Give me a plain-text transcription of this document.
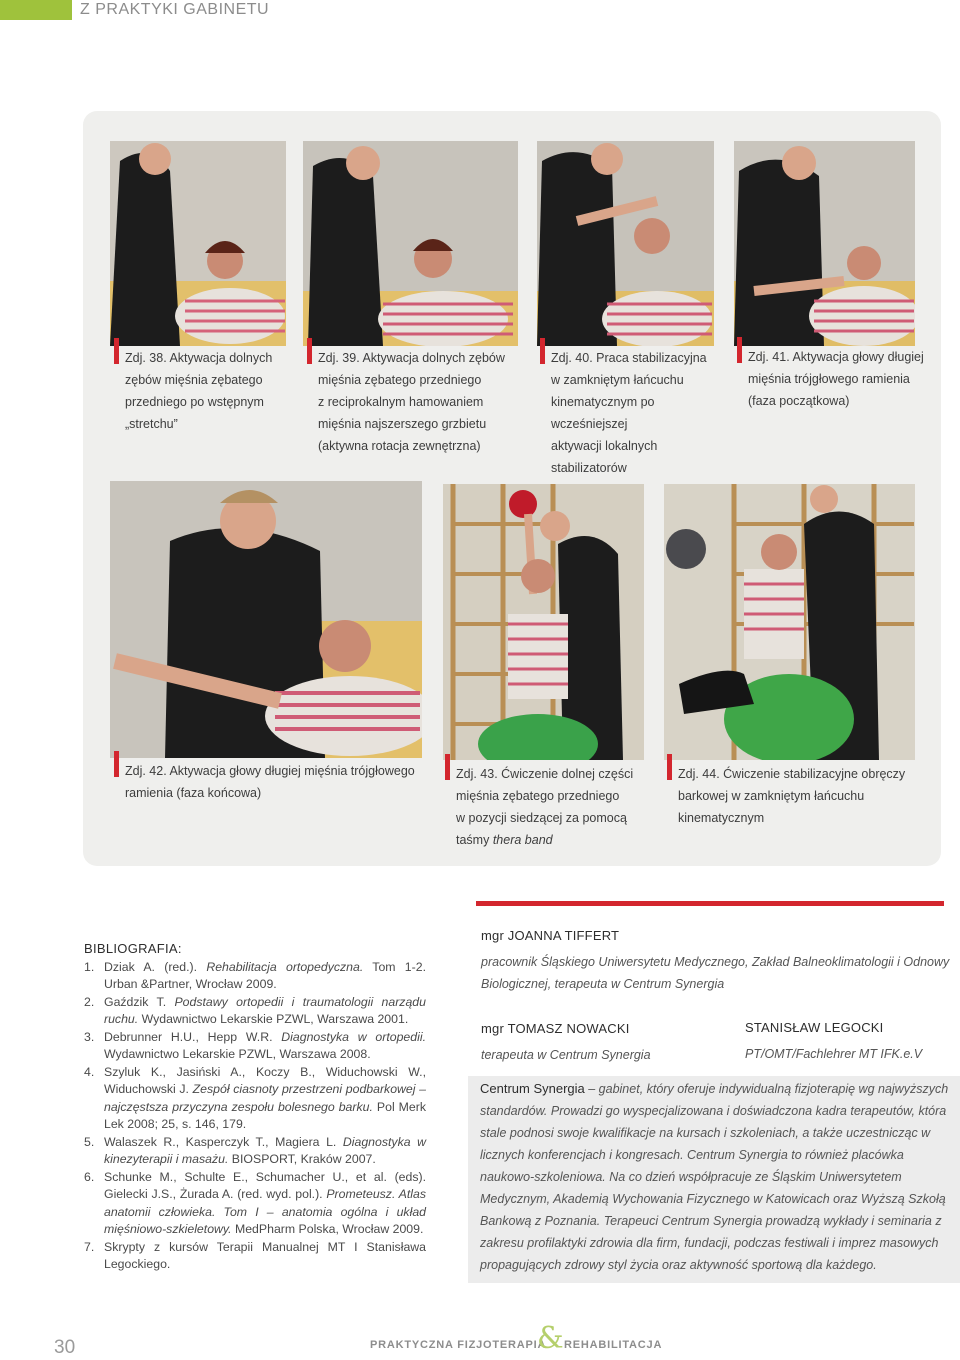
Z PRAKTYKI GABINETU
Zdj. 38. Aktywacja dolnych
zębów mięśnia zębatego
przedniego po wstępnym
„stretchu”
Zdj. 39. Aktywacja dolnych zębów
mięśnia zębatego przedniego
z reciprokalnym hamowaniem
mięśnia najszerszego grzbietu
(aktywna rotacja zewnętrzna)
Zdj. 40. Praca stabilizacyjna
w zamkniętym łańcuchu
kinematycznym po wcześniejszej
aktywacji lokalnych stabilizatorów
Zdj. 41. Aktywacja głowy długiej
mięśnia trójgłowego ramienia
(faza początkowa)
Zdj. 42. Aktywacja głowy długiej mięśnia trójgłowego
ramienia (faza końcowa)
Zdj. 43. Ćwiczenie dolnej części
mięśnia zębatego przedniego
w pozycji siedzącej za pomocą
taśmy thera band
Zdj. 44. Ćwiczenie stabilizacyjne obręczy
barkowej w zamkniętym łańcuchu
kinematycznym
BIBLIOGRAFIA:
1. Dziak A. (red.). Rehabilitacja ortopedyczna. Tom 1-2. Urban &Partner, Wrocław 2009.
2. Gaździk T. Podstawy ortopedii i traumatologii narządu ruchu. Wydawnictwo Lekarskie PZWL, Warszawa 2001.
3. Debrunner H.U., Hepp W.R. Diagnostyka w ortopedii. Wydawnictwo Lekarskie PZWL, Warszawa 2008.
4. Szyluk K., Jasiński A., Koczy B., Widuchowski W., Widuchowski J. Zespół ciasnoty przestrzeni podbarkowej – najczęstsza przyczyna zespołu bolesnego barku. Pol Merk Lek 2008; 25, s. 146, 179.
5. Walaszek R., Kasperczyk T., Magiera L. Diagnostyka w kinezyterapii i masażu. BIOSPORT, Kraków 2007.
6. Schunke M., Schulte E., Schumacher U., et al. (eds). Gielecki J.S., Żurada A. (red. wyd. pol.). Prometeusz. Atlas anatomii człowieka. Tom I – anatomia ogólna i układ mięśniowo-szkieletowy. MedPharm Polska, Wrocław 2009.
7. Skrypty z kursów Terapii Manualnej MT I Stanisława Legockiego.
mgr JOANNA TIFFERT
pracownik Śląskiego Uniwersytetu Medycznego, Zakład Balneoklimatologii i Odnowy
Biologicznej, terapeuta w Centrum Synergia
mgr TOMASZ NOWACKI
terapeuta w Centrum Synergia
STANISŁAW LEGOCKI
PT/OMT/Fachlehrer MT IFK.e.V
Centrum Synergia – gabinet, który oferuje indywidualną fizjoterapię wg najwyższych standardów. Prowadzi go wyspecjalizowana i doświadczona kadra terapeutów, która stale podnosi swoje kwalifikacje na kursach i szkoleniach, a także uczestnicząc w licznych konferencjach i kongresach. Centrum Synergia to również placówka naukowo-szkoleniowa. Na co dzień współpracuje ze Śląskim Uniwersytetem Medycznym, Akademią Wychowania Fizycznego w Katowicach oraz Wyższą Szkołą Bankową z Poznania. Terapeuci Centrum Synergia prowadzą wykłady i seminaria z zakresu profilaktyki zdrowia dla firm, fundacji, podczas festiwali i imprez masowych propagujących zdrowy styl życia oraz aktywność sportową dla każdego.
30	PRAKTYCZNA FIZJOTERAPIA
& REHABILITACJA
